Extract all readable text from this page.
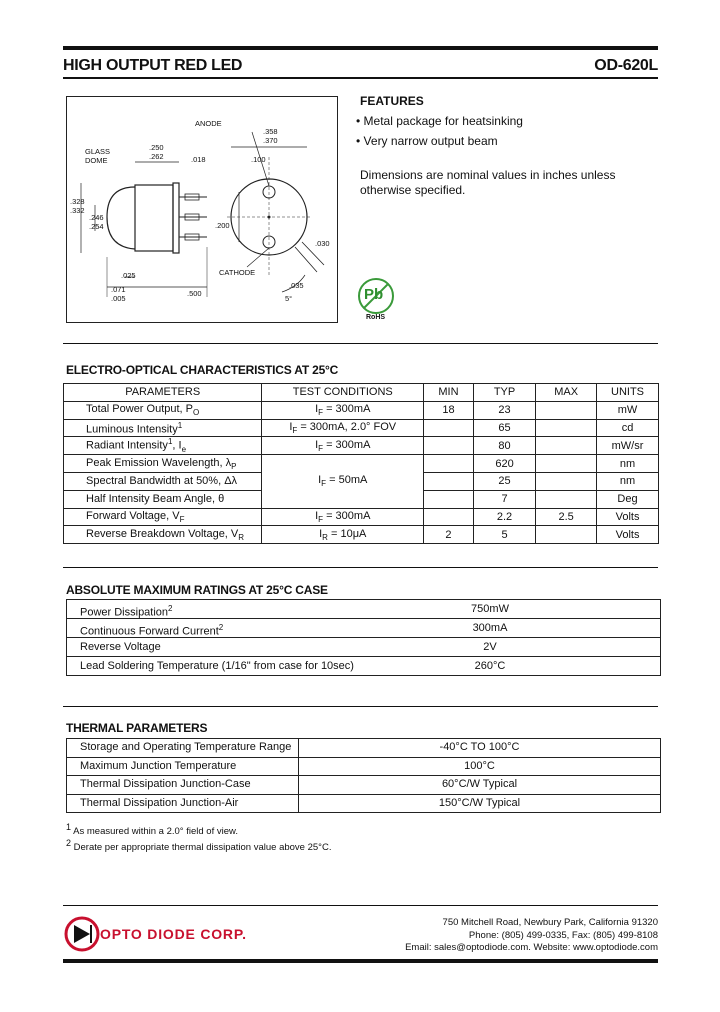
HIGH OUTPUT RED LED	OD-620L
ANODE
GLASS
DOME
CATHODE
.250
.262	.018
.358
.370
.100
.328
.332
.246
.254	.200
.030
.035
5°
.025
.071
.005
.500
FEATURES
• Metal package for heatsinking
• Very narrow output beam
Dimensions are nominal values in inches unless otherwise specified.
Pb
RoHS
ELECTRO-OPTICAL CHARACTERISTICS AT 25°C
PARAMETERS	TEST CONDITIONS	MIN	TYP	MAX	UNITS
Total Power Output, $P_O$	$I_F = 300mA$	18	23		mW
Luminous Intensity$^1$	$I_F = 300mA$, 2.0° FOV		65		cd
Radiant Intensity$^1$, $I_e$	$I_F = 300mA$		80		mW/sr
Peak Emission Wavelength, $\lambda_P$	$I_F = 50mA$		620		nm
Spectral Bandwidth at 50%, Δλ			25		nm
Half Intensity Beam Angle, θ			7		Deg
Forward Voltage, $V_F$	$I_F = 300mA$		2.2	2.5	Volts
Reverse Breakdown Voltage, $V_R$	$I_R = 10\mu A$	2	5		Volts
ABSOLUTE MAXIMUM RATINGS AT 25°C CASE
Power Dissipation$^2$	750mW
Continuous Forward Current$^2$	300mA
Reverse Voltage	2V
Lead Soldering Temperature (1/16" from case for 10sec)	260°C
THERMAL PARAMETERS
Storage and Operating Temperature Range	-40°C TO 100°C
Maximum Junction Temperature	100°C
Thermal Dissipation Junction-Case	60°C/W Typical
Thermal Dissipation Junction-Air	150°C/W Typical
$^1$ As measured within a 2.0° field of view.
$^2$ Derate per appropriate thermal dissipation value above 25°C.
OPTO DIODE CORP.
750 Mitchell Road, Newbury Park, California 91320
Phone: (805) 499-0335, Fax: (805) 499-8108
Email: sales@optodiode.com. Website: www.optodiode.com
